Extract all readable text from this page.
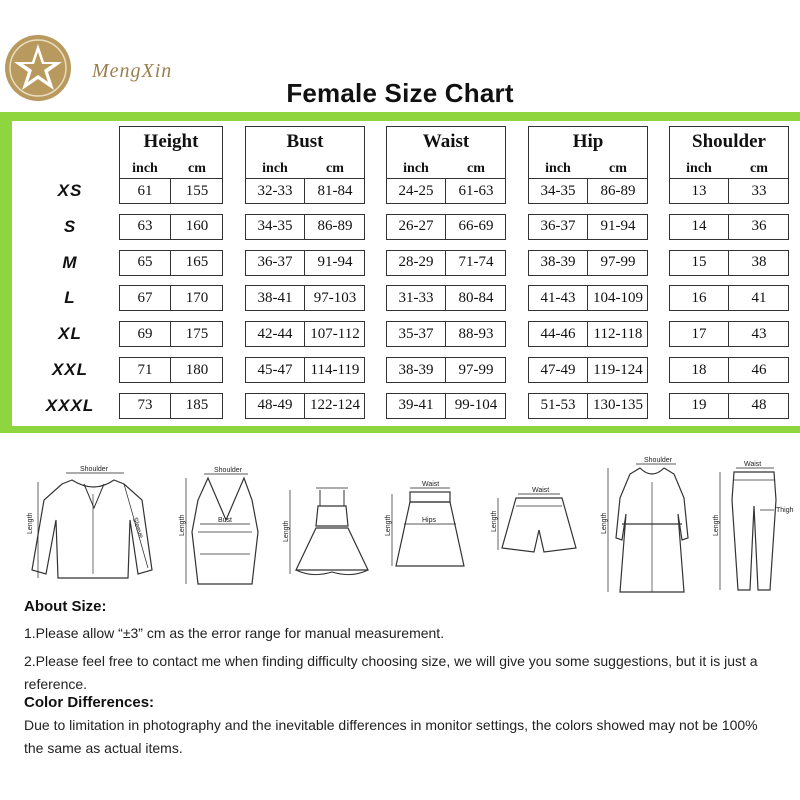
MengXin
Female Size Chart
Height
inch	cm
Bust
inch	cm
Waist
inch	cm
Hip
inch	cm
Shoulder
inch	cm
XS	61	155	32-33	81-84	24-25	61-63	34-35	86-89	13	33
S	63	160	34-35	86-89	26-27	66-69	36-37	91-94	14	36
M	65	165	36-37	91-94	28-29	71-74	38-39	97-99	15	38
L	67	170	38-41	97-103	31-33	80-84	41-43	104-109	16	41
XL	69	175	42-44	107-112	35-37	88-93	44-46	112-118	17	43
XXL	71	180	45-47	114-119	38-39	97-99	47-49	119-124	18	46
XXXL	73	185	48-49	122-124	39-41	99-104	51-53	130-135	19	48
Shoulder
Length	Sleeve
Shoulder
Bust
Length	Length
Waist
Hips
Length
Waist
Length
Shoulder
Length
Waist
Thigh
Length
About Size:
1.Please allow “±3” cm as the error range for manual measurement.
2.Please feel free to contact me when finding difficulty choosing size, we will give you some suggestions, but it is just a reference.
Color Differences:
Due to limitation in photography and the inevitable differences in monitor settings, the colors showed may not be 100% the same as actual items.
